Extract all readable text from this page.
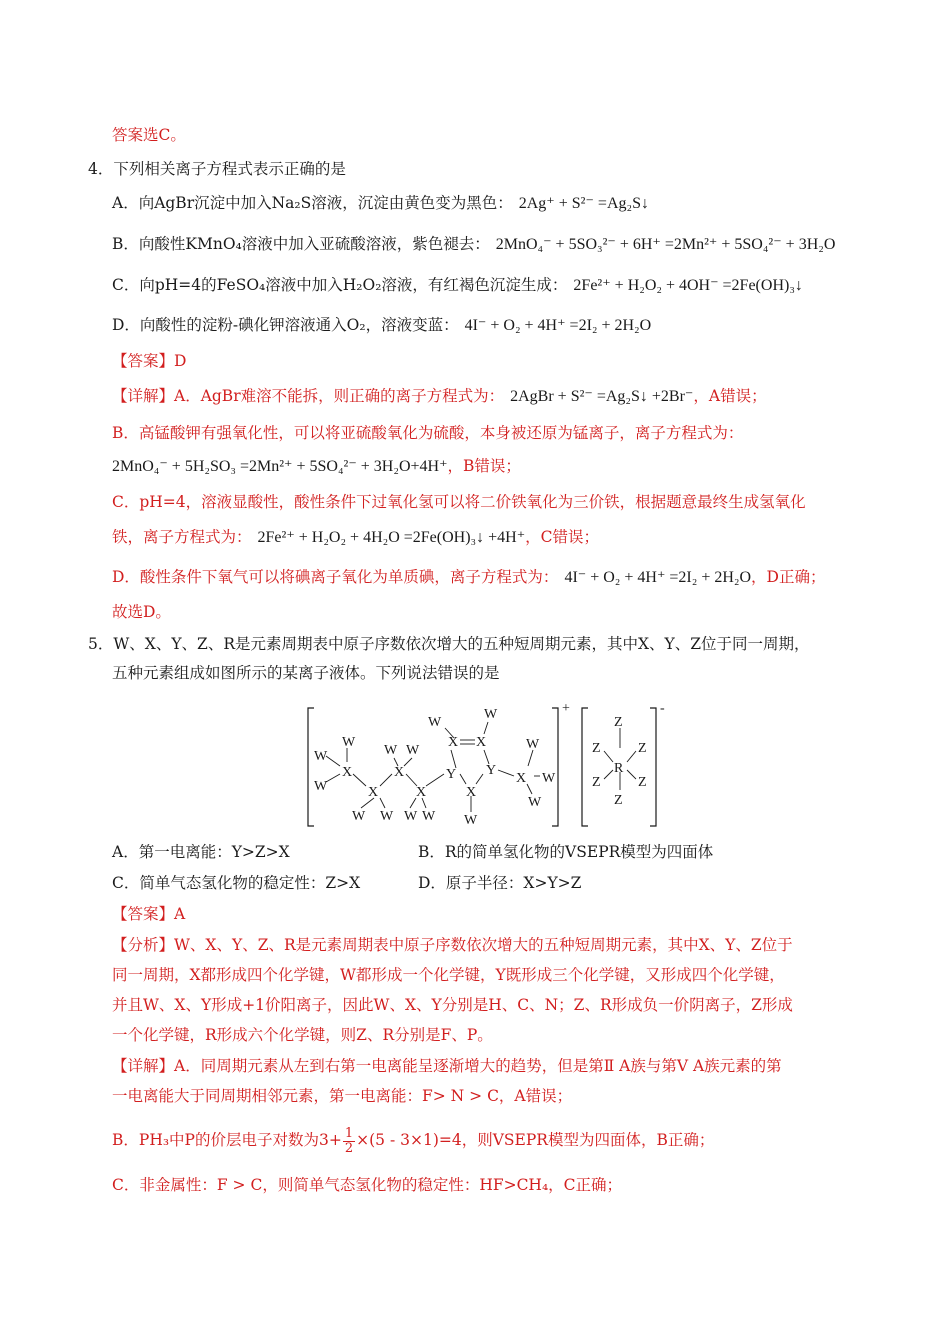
答案选C。
4．下列相关离子方程式表示正确的是
A．向AgBr沉淀中加入Na₂S溶液，沉淀由黄色变为黑色： 2Ag⁺ + S²⁻ =Ag₂S↓
B．向酸性KMnO₄溶液中加入亚硫酸溶液，紫色褪去： 2MnO₄⁻ + 5SO₃²⁻ + 6H⁺ =2Mn²⁺ + 5SO₄²⁻ + 3H₂O
C．向pH=4的FeSO₄溶液中加入H₂O₂溶液，有红褐色沉淀生成： 2Fe²⁺ + H₂O₂ + 4OH⁻ =2Fe(OH)₃↓
D．向酸性的淀粉-碘化钾溶液通入O₂，溶液变蓝： 4I⁻ + O₂ + 4H⁺ =2I₂ + 2H₂O
【答案】D
【详解】A．AgBr难溶不能拆，则正确的离子方程式为： 2AgBr + S²⁻ =Ag₂S↓ +2Br⁻，A错误；
B．高锰酸钾有强氧化性，可以将亚硫酸氧化为硫酸，本身被还原为锰离子，离子方程式为：
2MnO₄⁻ + 5H₂SO₃ =2Mn²⁺ + 5SO₄²⁻ + 3H₂O+4H⁺，B错误；
C．pH=4，溶液显酸性，酸性条件下过氧化氢可以将二价铁氧化为三价铁，根据题意最终生成氢氧化
铁，离子方程式为： 2Fe²⁺ + H₂O₂ + 4H₂O =2Fe(OH)₃↓ +4H⁺，C错误；
D．酸性条件下氧气可以将碘离子氧化为单质碘，离子方程式为： 4I⁻ + O₂ + 4H⁺ =2I₂ + 2H₂O，D正确；
故选D。
5．W、X、Y、Z、R是元素周期表中原子序数依次增大的五种短周期元素，其中X、Y、Z位于同一周期，
五种元素组成如图所示的某离子液体。下列说法错误的是
W
W
W
X
X
W W
W W
X
X
W W
Y
X X
W
W
Y
X
W
X
W
W
W
+
Z
Z	Z
R
Z	Z
Z
-
A．第一电离能：Y>Z>X	B．R的简单氢化物的VSEPR模型为四面体
C．简单气态氢化物的稳定性：Z>X	D．原子半径：X>Y>Z
【答案】A
【分析】W、X、Y、Z、R是元素周期表中原子序数依次增大的五种短周期元素，其中X、Y、Z位于
同一周期，X都形成四个化学键，W都形成一个化学键，Y既形成三个化学键，又形成四个化学键，
并且W、X、Y形成+1价阳离子，因此W、X、Y分别是H、C、N；Z、R形成负一价阴离子，Z形成
一个化学键，R形成六个化学键，则Z、R分别是F、P。
【详解】A．同周期元素从左到右第一电离能呈逐渐增大的趋势，但是第Ⅱ A族与第Ⅴ A族元素的第
一电离能大于同周期相邻元素，第一电离能：F> N > C，A错误；
B．PH₃中P的价层电子对数为$3+ \frac{1}{2} \times(5 - 3\times 1)=4$，则VSEPR模型为四面体，B正确；
C．非金属性：F > C，则简单气态氢化物的稳定性：HF>CH₄，C正确；
